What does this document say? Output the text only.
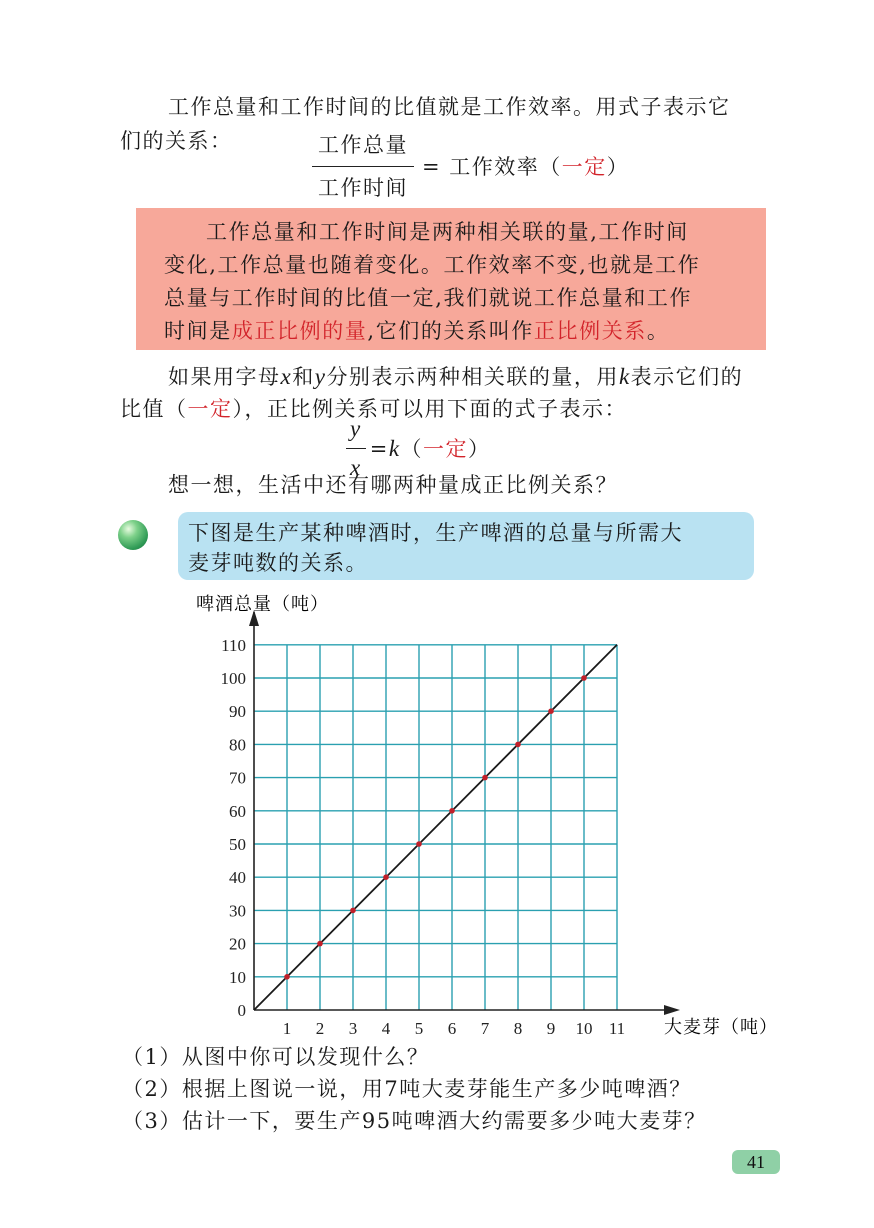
工作总量和工作时间的比值就是工作效率。用式子表示它
们的关系：	$\frac{\text{工作总量}}{\text{工作时间}}$ = 工作效率（ 一定 ）
工作总量和工作时间是两种相关联的量,工作时间
变化,工作总量也随着变化。工作效率不变,也就是工作
总量与工作时间的比值一定,我们就说工作总量和工作
时间是成正比例的量,它们的关系叫作正比例关系。
如果用字母x和y分别表示两种相关联的量，用k表示它们的
比值（一定），正比例关系可以用下面的式子表示：
$\frac{y}{x} = k$ （ 一定 ）
想一想，生活中还有哪两种量成正比例关系？
下图是生产某种啤酒时，生产啤酒的总量与所需大
麦芽吨数的关系。
0
10
20
30
40
50
60
70
80
90
100
110
1 2 3 4 5 6 7 8 9 10 11
啤酒总量（吨）
大麦芽（吨）
（1）从图中你可以发现什么？
（2）根据上图说一说，用7吨大麦芽能生产多少吨啤酒？
（3）估计一下，要生产95吨啤酒大约需要多少吨大麦芽？
41
